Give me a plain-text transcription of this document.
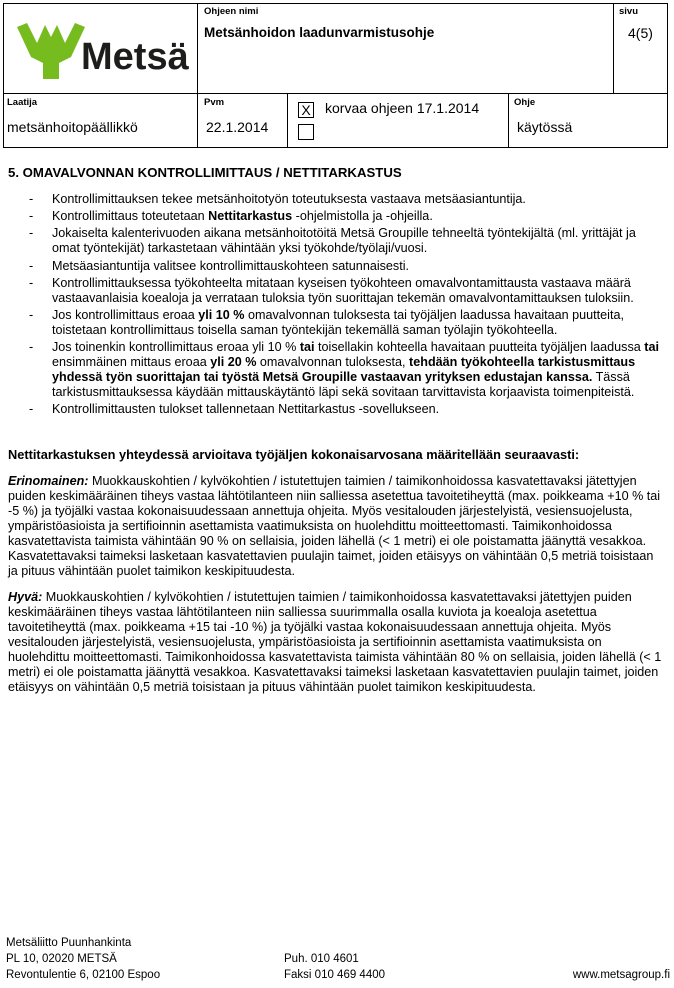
Metsä
Ohjeen nimi
Metsänhoidon laadunvarmistusohje
sivu
4(5)
Laatija
metsänhoitopäällikkö
Pvm
22.1.2014
X korvaa ohjeen 17.1.2014	Ohje
käytössä
5. OMAVALVONNAN KONTROLLIMITTAUS / NETTITARKASTUS
- Kontrollimittauksen tekee metsänhoitotyön toteutuksesta vastaava metsäasiantuntija.
- Kontrollimittaus toteutetaan Nettitarkastus -ohjelmistolla ja -ohjeilla.
- Jokaiselta kalenterivuoden aikana metsänhoitotöitä Metsä Groupille tehneeltä työntekijältä (ml. yrittäjät ja omat työntekijät) tarkastetaan vähintään yksi työkohde/työlaji/vuosi.
- Metsäasiantuntija valitsee kontrollimittauskohteen satunnaisesti.
- Kontrollimittauksessa työkohteelta mitataan kyseisen työkohteen omavalvontamittausta vastaava määrä vastaavanlaisia koealoja ja verrataan tuloksia työn suorittajan tekemän omavalvontamittauksen tuloksiin.
- Jos kontrollimittaus eroaa yli 10 % omavalvonnan tuloksesta tai työjäljen laadussa havaitaan puutteita, toistetaan kontrollimittaus toisella saman työntekijän tekemällä saman työlajin työkohteella.
- Jos toinenkin kontrollimittaus eroaa yli 10 % tai toisellakin kohteella havaitaan puutteita työjäljen laadussa tai ensimmäinen mittaus eroaa yli 20 % omavalvonnan tuloksesta, tehdään työkohteella tarkistusmittaus yhdessä työn suorittajan tai työstä Metsä Groupille vastaavan yrityksen edustajan kanssa. Tässä tarkistusmittauksessa käydään mittauskäytäntö läpi sekä sovitaan tarvittavista korjaavista toimenpiteistä.
- Kontrollimittausten tulokset tallennetaan Nettitarkastus -sovellukseen.
Nettitarkastuksen yhteydessä arvioitava työjäljen kokonaisarvosana määritellään seuraavasti:

Erinomainen: Muokkauskohtien / kylvökohtien / istutettujen taimien / taimikonhoidossa kasvatettavaksi jätettyjen puiden keskimääräinen tiheys vastaa lähtötilanteen niin salliessa asetettua tavoitetiheyttä (max. poikkeama +10 % tai -5 %) ja työjälki vastaa kokonaisuudessaan annettuja ohjeita. Myös vesitalouden järjestelyistä, vesiensuojelusta, ympäristöasioista ja sertifioinnin asettamista vaatimuksista on huolehdittu moitteettomasti. Taimikonhoidossa kasvatettavista taimista vähintään 90 % on sellaisia, joiden lähellä (< 1 metri) ei ole poistamatta jäänyttä vesakkoa. Kasvatettavaksi taimeksi lasketaan kasvatettavien puulajin taimet, joiden etäisyys on vähintään 0,5 metriä toisistaan ja pituus vähintään puolet taimikon keskipituudesta.

Hyvä: Muokkauskohtien / kylvökohtien / istutettujen taimien / taimikonhoidossa kasvatettavaksi jätettyjen puiden keskimääräinen tiheys vastaa lähtötilanteen niin salliessa suurimmalla osalla kuviota ja koealoja asetettua tavoitetiheyttä (max. poikkeama +15 tai -10 %) ja työjälki vastaa kokonaisuudessaan annettuja ohjeita. Myös vesitalouden järjestelyistä, vesiensuojelusta, ympäristöasioista ja sertifioinnin asettamista vaatimuksista on huolehdittu moitteettomasti. Taimikonhoidossa kasvatettavista taimista vähintään 80 % on sellaisia, joiden lähellä (< 1 metri) ei ole poistamatta jäänyttä vesakkoa. Kasvatettavaksi taimeksi lasketaan kasvatettavien puulajin taimet, joiden etäisyys on vähintään 0,5 metriä toisistaan ja pituus vähintään puolet taimikon keskipituudesta.

Metsäliitto Puunhankinta
PL 10, 02020 METSÄ
Revontulentie 6, 02100 Espoo
Puh. 010 4601
Faksi 010 469 4400	www.metsagroup.fi
